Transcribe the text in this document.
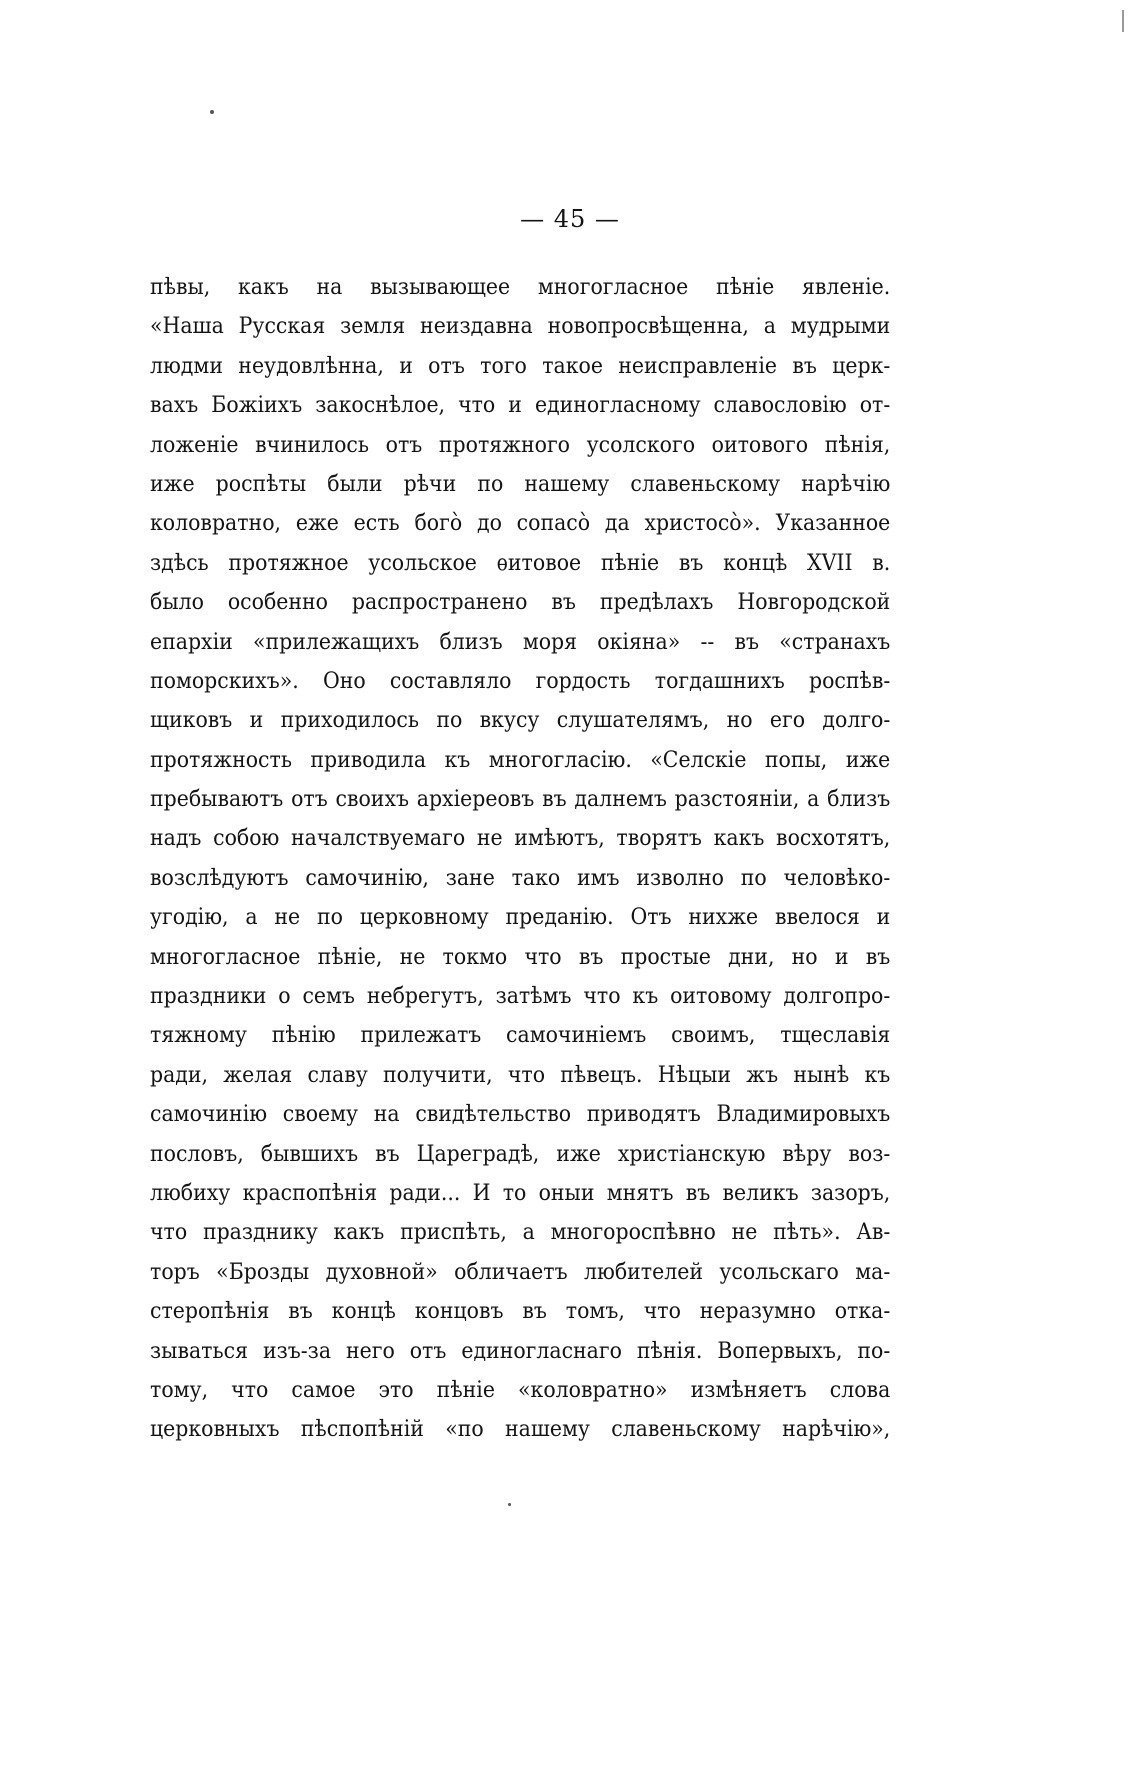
— 45 —
пѣвы, какъ на вызывающее многогласное пѣніе явленіе.
«Наша Русская земля неиздавна новопросвѣщенна, а мудрыми
людми неудовлѣнна, и отъ того такое неисправленіе въ церк-
вахъ Божіихъ закоснѣлое, что и единогласному славословію от-
ложеніе вчинилось отъ протяжного усолского оитового пѣнія,
иже роспѣты были рѣчи по нашему славеньскому нарѣчію
коловратно, еже есть бого̀ до сопасо̀ да христосо̀». Указанное
здѣсь протяжное усольское ѳитовое пѣніе въ концѣ XVII в.
было особенно распространено въ предѣлахъ Новгородской
епархіи «прилежащихъ близъ моря окіяна» -- въ «странахъ
поморскихъ». Оно составляло гордость тогдашнихъ роспѣв-
щиковъ и приходилось по вкусу слушателямъ, но его долго-
протяжность приводила къ многогласію. «Селскіе попы, иже
пребываютъ отъ своихъ архіереовъ въ далнемъ разстояніи, а близъ
надъ собою началствуемаго не имѣютъ, творятъ какъ восхотятъ,
возслѣдуютъ самочинію, зане тако имъ изволно по человѣко-
угодію, а не по церковному преданію. Отъ нихже ввелося и
многогласное пѣніе, не токмо что въ простые дни, но и въ
праздники о семъ небрегутъ, затѣмъ что къ оитовому долгопро-
тяжному пѣнію прилежатъ самочиніемъ своимъ, тщеславія
ради, желая славу получити, что пѣвецъ. Нѣцыи жъ нынѣ къ
самочинію своему на свидѣтельство приводятъ Владимировыхъ
пословъ, бывшихъ въ Цареградѣ, иже христіанскую вѣру воз-
любиху краспопѣнія ради... И то оныи мнятъ въ великъ зазоръ,
что празднику какъ приспѣть, а многороспѣвно не пѣть». Ав-
торъ «Брозды духовной» обличаетъ любителей усольскаго ма-
стеропѣнія въ концѣ концовъ въ томъ, что неразумно отка-
зываться изъ-за него отъ единогласнаго пѣнія. Вопервыхъ, по-
тому, что самое это пѣніе «коловратно» измѣняетъ слова
церковныхъ пѣспопѣній «по нашему славеньскому нарѣчію»,
